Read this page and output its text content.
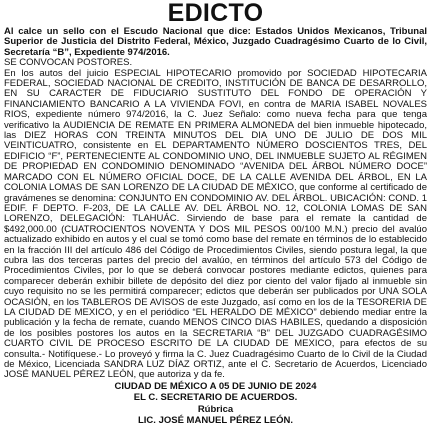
EDICTO

Al calce un sello con el Escudo Nacional que dice: Estados Unidos Mexicanos, Tribunal Superior de Justicia del Distrito Federal, México, Juzgado Cuadragésimo Cuarto de lo Civil, Secretaría “B”, Expediente 974/2016.

SE CONVOCAN POSTORES.

En los autos del juicio ESPECIAL HIPOTECARIO promovido por SOCIEDAD HIPOTECARIA FEDERAL, SOCIEDAD NACIONAL DE CREDITO, INSTITUCIÓN DE BANCA DE DESARROLLO, EN SU CARACTER DE FIDUCIARIO SUSTITUTO DEL FONDO DE OPERACIÓN Y FINANCIAMIENTO BANCARIO A LA VIVIENDA FOVI, en contra de MARIA ISABEL NOVALES RIOS, expediente número 974/2016, la C. Juez Señalo: como nueva fecha para que tenga verificativo la AUDIENCIA DE REMATE EN PRIMERA ALMONEDA del bien inmueble hipotecado, las DIEZ HORAS CON TREINTA MINUTOS DEL DIA UNO DE JULIO DE DOS MIL VEINTICUATRO, consistente en EL DEPARTAMENTO NÚMERO DOSCIENTOS TRES, DEL EDIFICIO “F”, PERTENECIENTE AL CONDOMINIO UNO, DEL INMUEBLE SUJETO AL RÉGIMEN DE PROPIEDAD EN CONDOMINIO DENOMINADO “AVENIDA DEL ÁRBOL NÚMERO DOCE” MARCADO CON EL NÚMERO OFICIAL DOCE, DE LA CALLE AVENIDA DEL ÁRBOL, EN LA COLONIA LOMAS DE SAN LORENZO DE LA CIUDAD DE MÉXICO, que conforme al certificado de gravámenes se denomina: CONJUNTO EN CONDOMINIO AV. DEL ÁRBOL. UBICACIÓN: COND. 1 EDIF. F DEPTO. F-203, DE LA CALLE AV. DEL ÁRBOL NO. 12, COLONIA LOMAS DE SAN LORENZO, DELEGACIÓN: TLAHUÁC. Sirviendo de base para el remate la cantidad de $492,000.00 (CUATROCIENTOS NOVENTA Y DOS MIL PESOS 00/100 M.N.) precio del avalúo actualizado exhibido en autos y el cual se tomó como base del remate en términos de lo establecido en la fracción III del artículo 486 del Código de Procedimientos Civiles, siendo postura legal, la que cubra las dos terceras partes del precio del avalúo, en términos del artículo 573 del Código de Procedimientos Civiles, por lo que se deberá convocar postores mediante edictos, quienes para comparecer deberán exhibir billete de depósito del diez por ciento del valor fijado al inmueble sin cuyo requisito no se les permitirá comparecer; edictos que deberán ser publicados por UNA SOLA OCASIÓN, en los TABLEROS DE AVISOS de este Juzgado, así como en los de la TESORERIA DE LA CIUDAD DE MEXICO, y en el periódico “EL HERALDO DE MÉXICO” debiendo mediar entre la publicación y la fecha de remate, cuando MENOS CINCO DIAS HABILES, quedando a disposición de los posibles postores los autos en la SECRETARIA “B” DEL JUZGADO CUADRAGÉSIMO CUARTO CIVIL DE PROCESO ESCRITO DE LA CIUDAD DE MEXICO, para efectos de su consulta.- Notifíquese.- Lo proveyó y firma la C. Juez Cuadragésimo Cuarto de lo Civil de la Ciudad de México, Licenciada SANDRA LUZ DÍAZ ORTIZ, ante el C. Secretario de Acuerdos, Licenciado JOSÉ MANUEL PÉREZ LEÓN, que autoriza y da fe.

CIUDAD DE MÉXICO A 05 DE JUNIO DE 2024

EL C. SECRETARIO DE ACUERDOS.

Rúbrica

LIC. JOSÉ MANUEL PÉREZ LEÓN.
